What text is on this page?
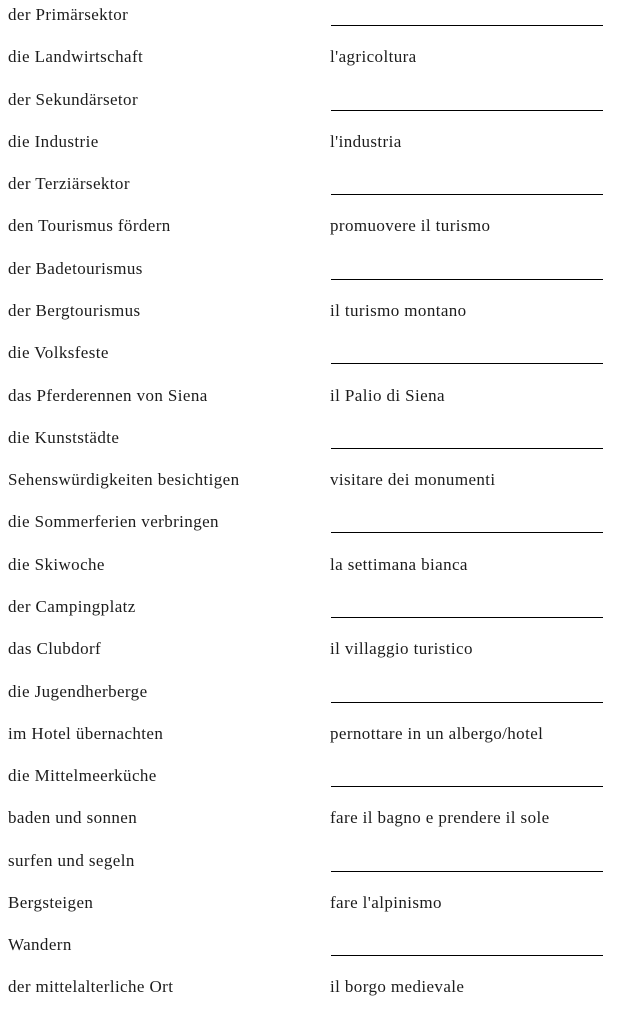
der Primärsektor
die Landwirtschaft	l'agricoltura
der Sekundärsetor
die Industrie	l'industria
der Terziärsektor
den Tourismus fördern	promuovere il turismo
der Badetourismus
der Bergtourismus	il turismo montano
die Volksfeste
das Pferderennen von Siena	il Palio di Siena
die Kunststädte
Sehenswürdigkeiten besichtigen	visitare dei monumenti
die Sommerferien verbringen
die Skiwoche	la settimana bianca
der Campingplatz
das Clubdorf	il villaggio turistico
die Jugendherberge
im Hotel übernachten	pernottare in un albergo/hotel
die Mittelmeerküche
baden und sonnen	fare il bagno e prendere il sole
surfen und segeln
Bergsteigen	fare l'alpinismo
Wandern
der mittelalterliche Ort	il borgo medievale
